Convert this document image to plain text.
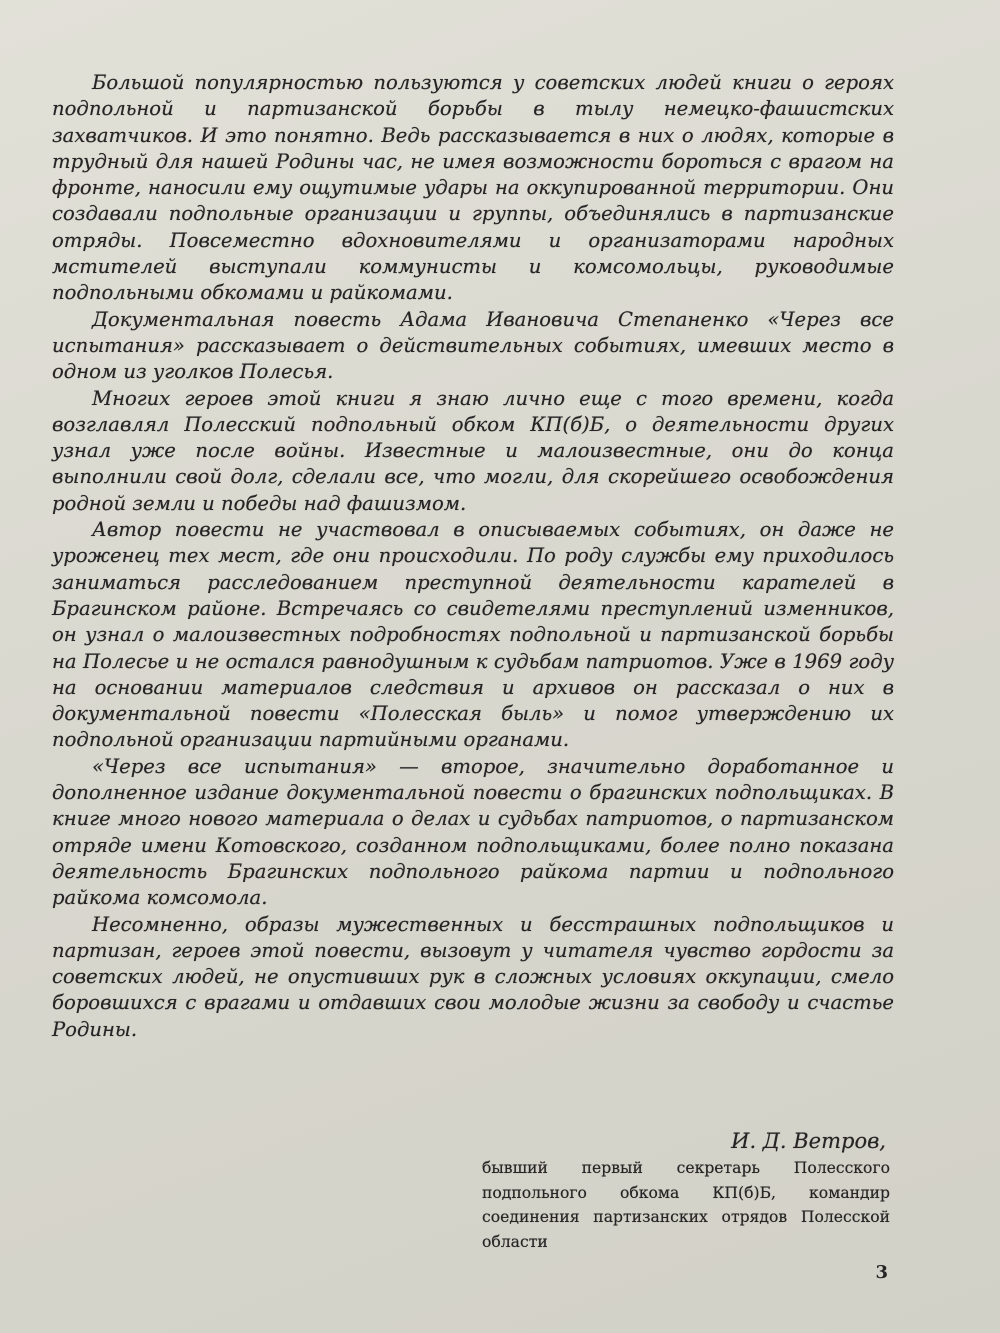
Большой популярностью пользуются у советских людей книги о героях подпольной и партизанской борьбы в тылу немецко-фашистских захватчиков. И это понятно. Ведь рассказывается в них о людях, которые в трудный для нашей Родины час, не имея возможности бороться с врагом на фронте, наносили ему ощутимые удары на оккупированной территории. Они создавали подпольные организации и группы, объединялись в партизанские отряды. Повсеместно вдохновителями и организаторами народных мстителей выступали коммунисты и комсомольцы, руководимые подпольными обкомами и райкомами.

Документальная повесть Адама Ивановича Степаненко «Через все испытания» рассказывает о действительных событиях, имевших место в одном из уголков Полесья.

Многих героев этой книги я знаю лично еще с того времени, когда возглавлял Полесский подпольный обком КП(б)Б, о деятельности других узнал уже после войны. Известные и малоизвестные, они до конца выполнили свой долг, сделали все, что могли, для скорейшего освобождения родной земли и победы над фашизмом.

Автор повести не участвовал в описываемых событиях, он даже не уроженец тех мест, где они происходили. По роду службы ему приходилось заниматься расследованием преступной деятельности карателей в Брагинском районе. Встречаясь со свидетелями преступлений изменников, он узнал о малоизвестных подробностях подпольной и партизанской борьбы на Полесье и не остался равнодушным к судьбам патриотов. Уже в 1969 году на основании материалов следствия и архивов он рассказал о них в документальной повести «Полесская быль» и помог утверждению их подпольной организации партийными органами.

«Через все испытания» — второе, значительно доработанное и дополненное издание документальной повести о брагинских подпольщиках. В книге много нового материала о делах и судьбах патриотов, о партизанском отряде имени Котовского, созданном подпольщиками, более полно показана деятельность Брагинских подпольного райкома партии и подпольного райкома комсомола.

Несомненно, образы мужественных и бесстрашных подпольщиков и партизан, героев этой повести, вызовут у читателя чувство гордости за советских людей, не опустивших рук в сложных условиях оккупации, смело боровшихся с врагами и отдавших свои молодые жизни за свободу и счастье Родины.

И. Д. Ветров,
бывший первый секретарь Полесского подпольного обкома КП(б)Б, командир соединения партизанских отрядов Полесской области
3
